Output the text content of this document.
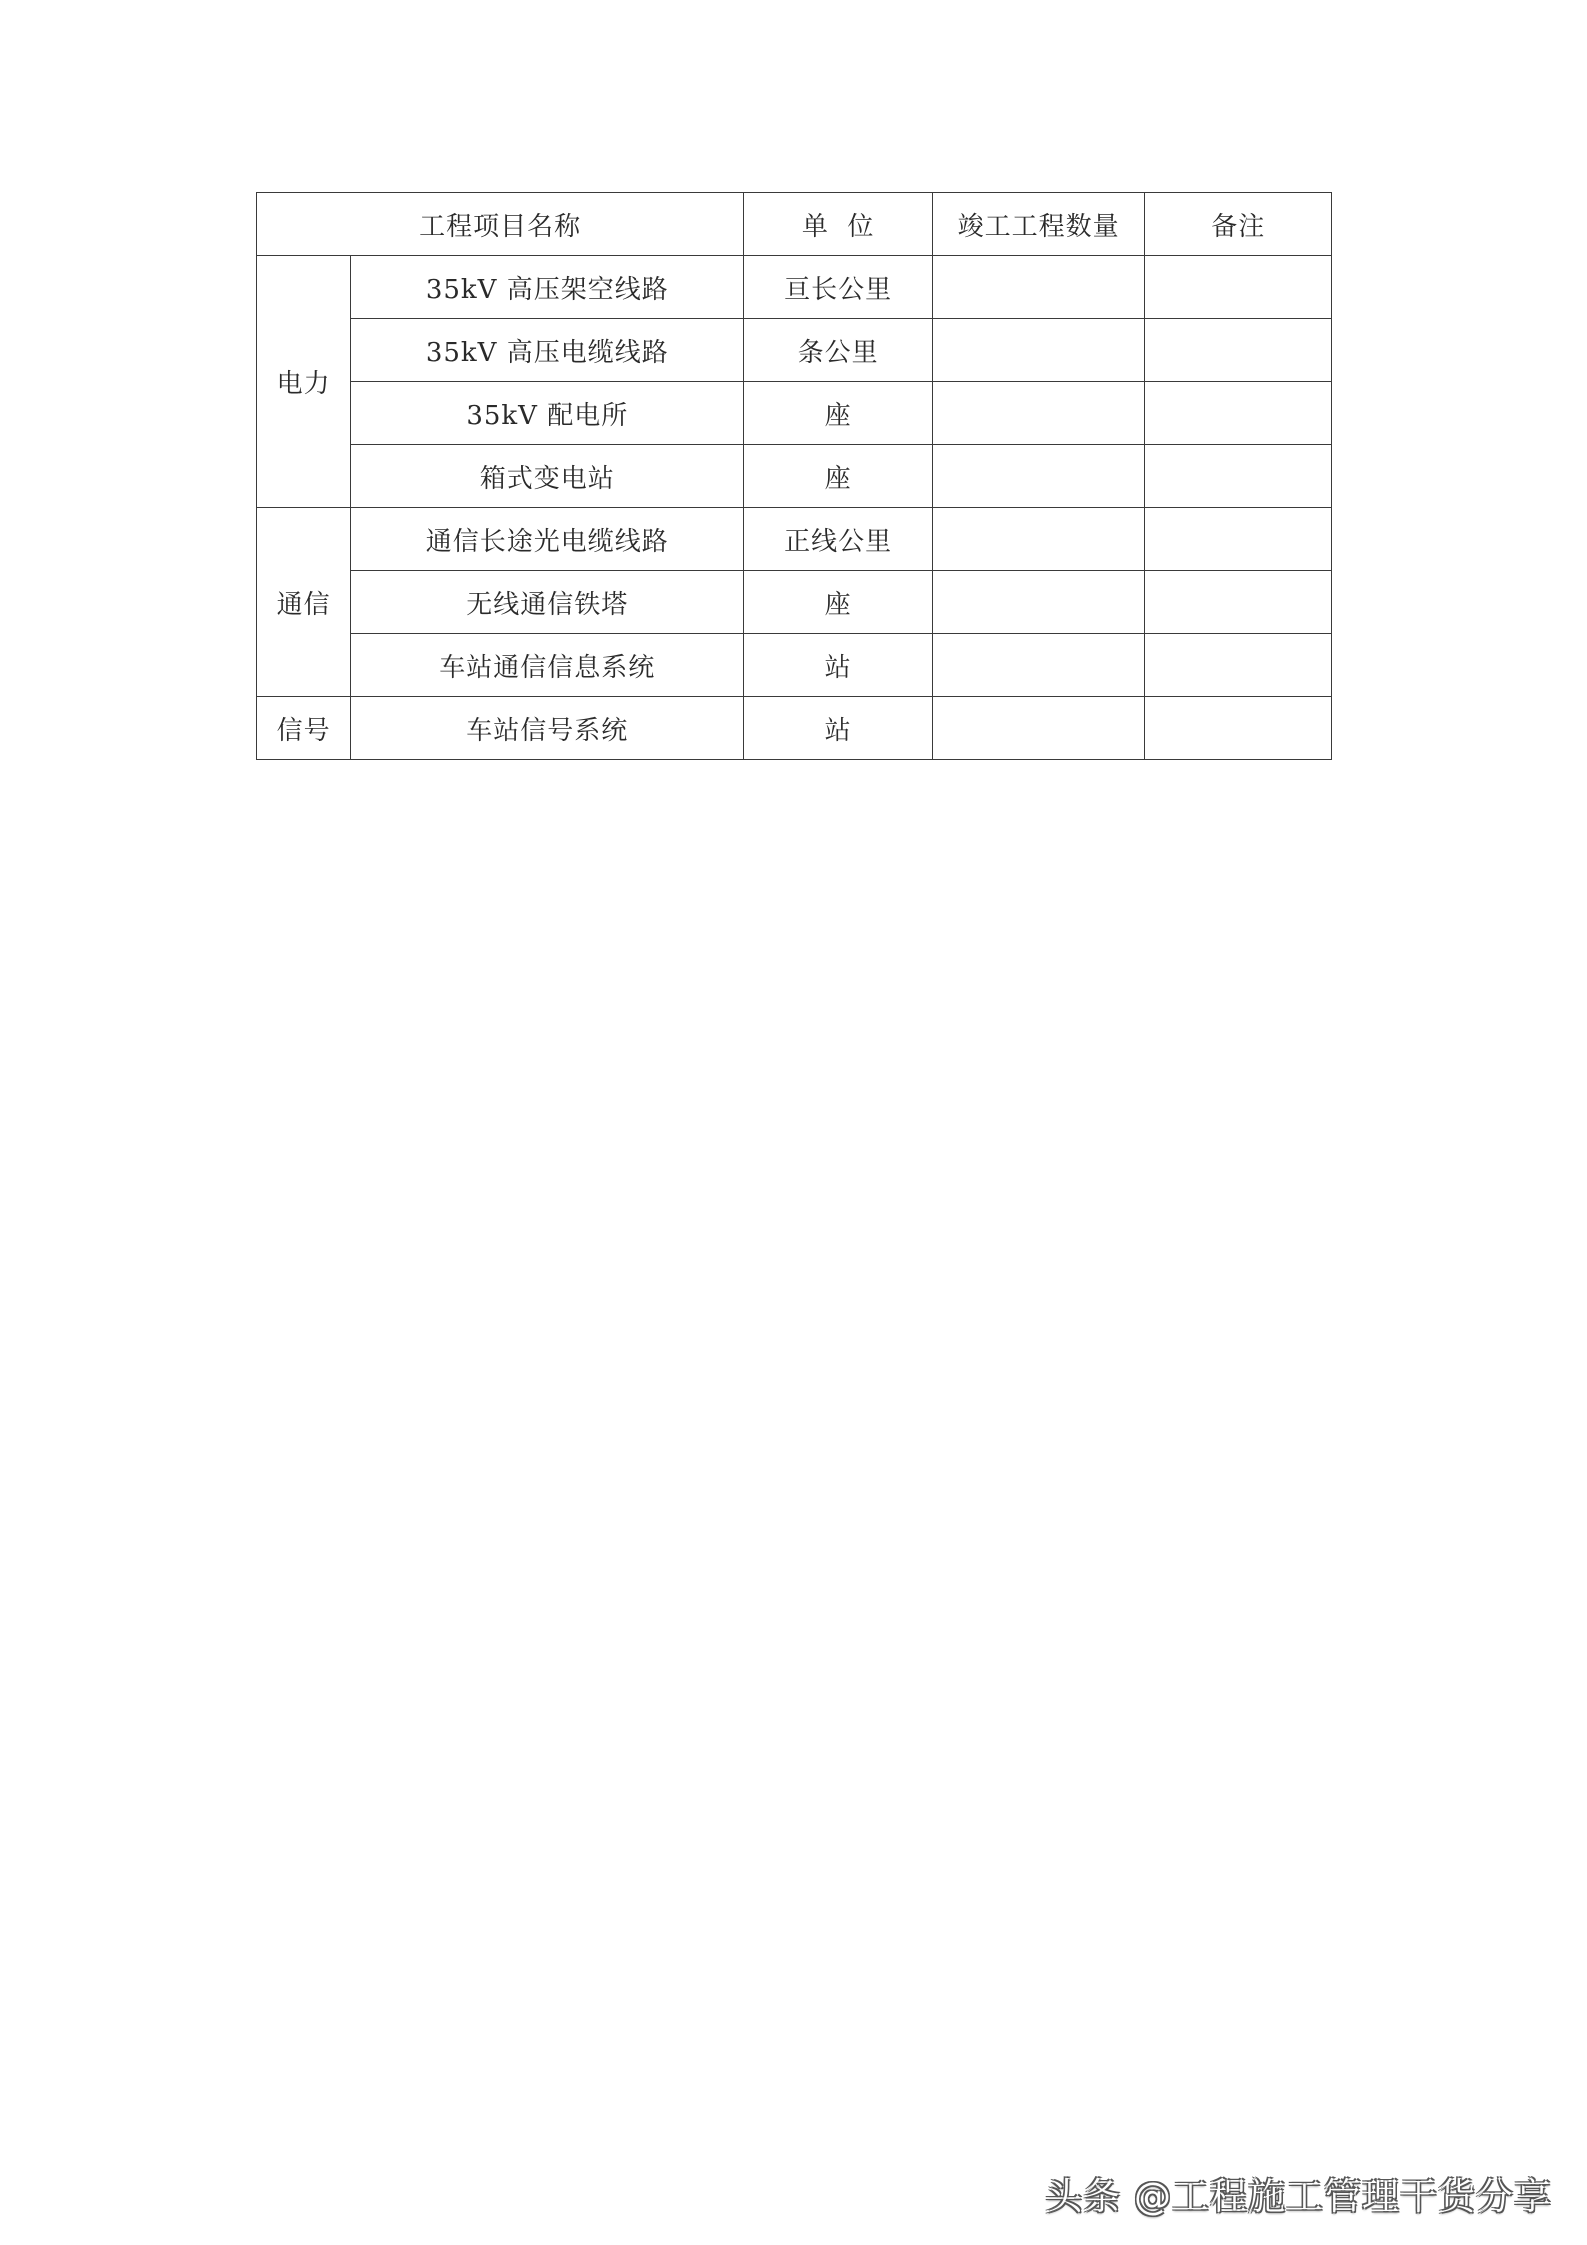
工程项目名称		单  位	竣工工程数量	备注
电力	35kV 高压架空线路	亘长公里		
	35kV 高压电缆线路	条公里		
	35kV 配电所	座		
	箱式变电站	座		
通信	通信长途光电缆线路	正线公里		
	无线通信铁塔	座		
	车站通信信息系统	站		
信号	车站信号系统	站		
头条 @工程施工管理干货分享
